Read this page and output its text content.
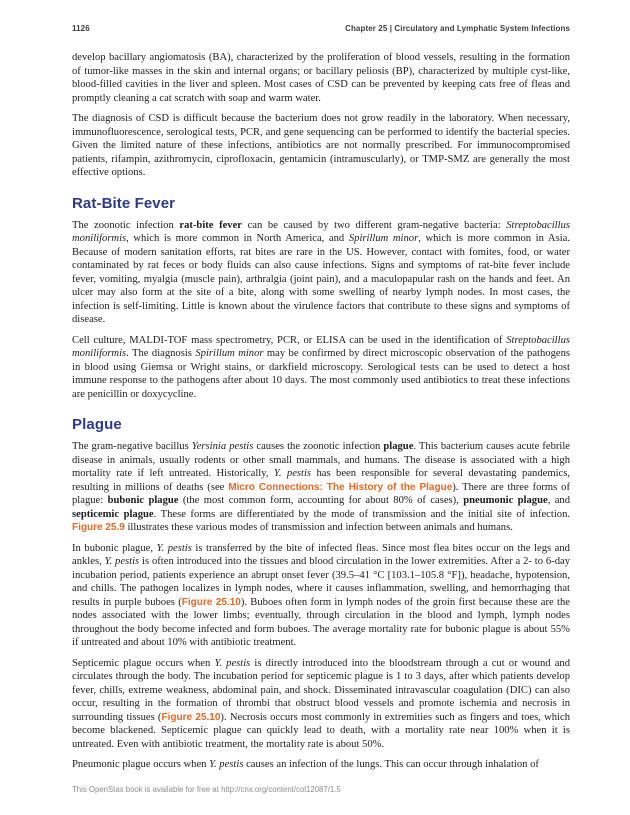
1126	Chapter 25 | Circulatory and Lymphatic System Infections

develop bacillary angiomatosis (BA), characterized by the proliferation of blood vessels, resulting in the formation of tumor-like masses in the skin and internal organs; or bacillary peliosis (BP), characterized by multiple cyst-like, blood-filled cavities in the liver and spleen. Most cases of CSD can be prevented by keeping cats free of fleas and promptly cleaning a cat scratch with soap and warm water.

The diagnosis of CSD is difficult because the bacterium does not grow readily in the laboratory. When necessary, immunofluorescence, serological tests, PCR, and gene sequencing can be performed to identify the bacterial species. Given the limited nature of these infections, antibiotics are not normally prescribed. For immunocompromised patients, rifampin, azithromycin, ciprofloxacin, gentamicin (intramuscularly), or TMP-SMZ are generally the most effective options.

Rat-Bite Fever

The zoonotic infection rat-bite fever can be caused by two different gram-negative bacteria: Streptobacillus moniliformis, which is more common in North America, and Spirillum minor, which is more common in Asia. Because of modern sanitation efforts, rat bites are rare in the US. However, contact with fomites, food, or water contaminated by rat feces or body fluids can also cause infections. Signs and symptoms of rat-bite fever include fever, vomiting, myalgia (muscle pain), arthralgia (joint pain), and a maculopapular rash on the hands and feet. An ulcer may also form at the site of a bite, along with some swelling of nearby lymph nodes. In most cases, the infection is self-limiting. Little is known about the virulence factors that contribute to these signs and symptoms of disease.

Cell culture, MALDI-TOF mass spectrometry, PCR, or ELISA can be used in the identification of Streptobacillus moniliformis. The diagnosis Spirillum minor may be confirmed by direct microscopic observation of the pathogens in blood using Giemsa or Wright stains, or darkfield microscopy. Serological tests can be used to detect a host immune response to the pathogens after about 10 days. The most commonly used antibiotics to treat these infections are penicillin or doxycycline.

Plague

The gram-negative bacillus Yersinia pestis causes the zoonotic infection plague. This bacterium causes acute febrile disease in animals, usually rodents or other small mammals, and humans. The disease is associated with a high mortality rate if left untreated. Historically, Y. pestis has been responsible for several devastating pandemics, resulting in millions of deaths (see Micro Connections: The History of the Plague). There are three forms of plague: bubonic plague (the most common form, accounting for about 80% of cases), pneumonic plague, and septicemic plague. These forms are differentiated by the mode of transmission and the initial site of infection. Figure 25.9 illustrates these various modes of transmission and infection between animals and humans.

In bubonic plague, Y. pestis is transferred by the bite of infected fleas. Since most flea bites occur on the legs and ankles, Y. pestis is often introduced into the tissues and blood circulation in the lower extremities. After a 2- to 6-day incubation period, patients experience an abrupt onset fever (39.5–41 °C [103.1–105.8 °F]), headache, hypotension, and chills. The pathogen localizes in lymph nodes, where it causes inflammation, swelling, and hemorrhaging that results in purple buboes (Figure 25.10). Buboes often form in lymph nodes of the groin first because these are the nodes associated with the lower limbs; eventually, through circulation in the blood and lymph, lymph nodes throughout the body become infected and form buboes. The average mortality rate for bubonic plague is about 55% if untreated and about 10% with antibiotic treatment.

Septicemic plague occurs when Y. pestis is directly introduced into the bloodstream through a cut or wound and circulates through the body. The incubation period for septicemic plague is 1 to 3 days, after which patients develop fever, chills, extreme weakness, abdominal pain, and shock. Disseminated intravascular coagulation (DIC) can also occur, resulting in the formation of thrombi that obstruct blood vessels and promote ischemia and necrosis in surrounding tissues (Figure 25.10). Necrosis occurs most commonly in extremities such as fingers and toes, which become blackened. Septicemic plague can quickly lead to death, with a mortality rate near 100% when it is untreated. Even with antibiotic treatment, the mortality rate is about 50%.

Pneumonic plague occurs when Y. pestis causes an infection of the lungs. This can occur through inhalation of

This OpenStax book is available for free at http://cnx.org/content/col12087/1.5
